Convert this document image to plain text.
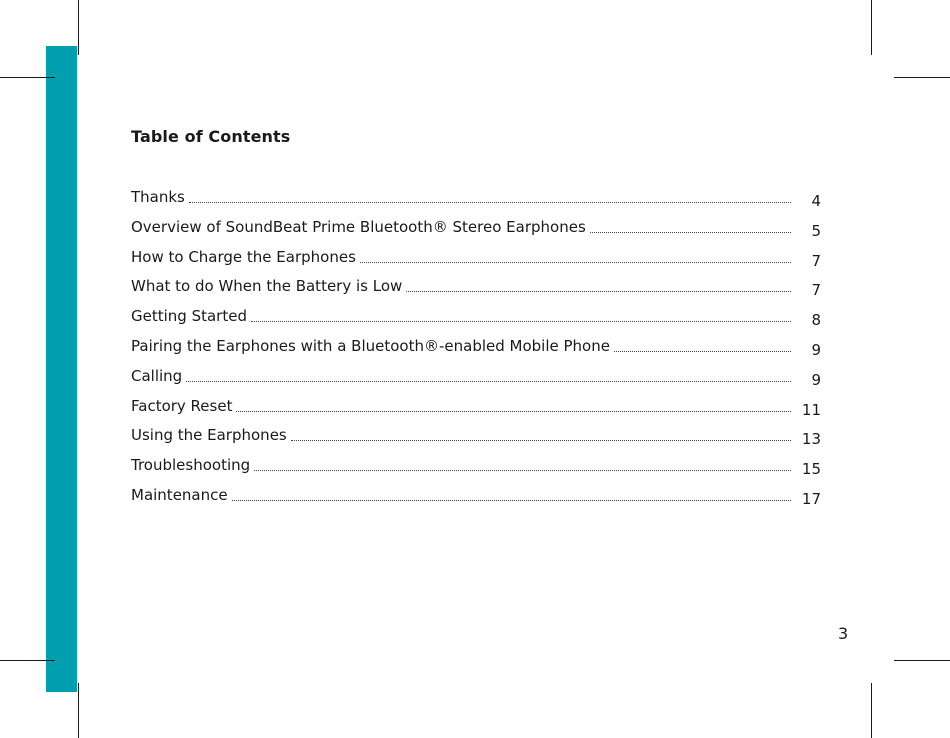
Table of Contents
Thanks	4
Overview of SoundBeat Prime Bluetooth® Stereo Earphones	5
How to Charge the Earphones	7
What to do When the Battery is Low	7
Getting Started	8
Pairing the Earphones with a Bluetooth®-enabled Mobile Phone	9
Calling	9
Factory Reset	11
Using the Earphones	13
Troubleshooting	15
Maintenance	17
3
